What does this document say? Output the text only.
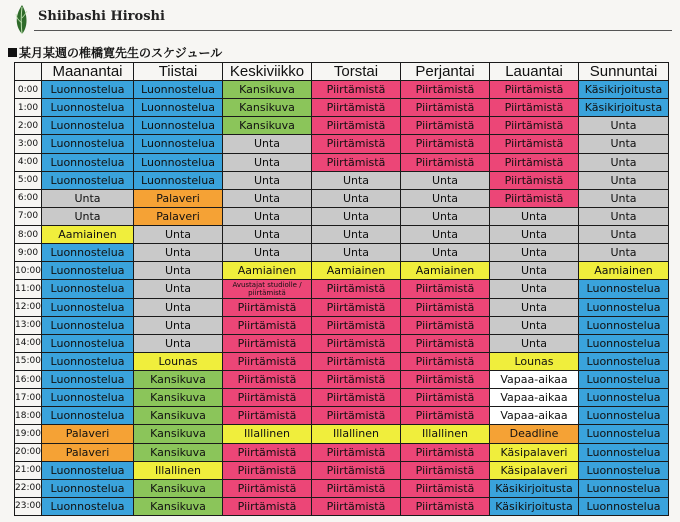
Shiibashi Hiroshi
某月某週の椎橋寛先生のスケジュール
	Maanantai	Tiistai	Keskiviikko	Torstai	Perjantai	Lauantai	Sunnuntai
0:00	Luonnostelua	Luonnostelua	Kansikuva	Piirtämistä	Piirtämistä	Piirtämistä	Käsikirjoitusta
1:00	Luonnostelua	Luonnostelua	Kansikuva	Piirtämistä	Piirtämistä	Piirtämistä	Käsikirjoitusta
2:00	Luonnostelua	Luonnostelua	Kansikuva	Piirtämistä	Piirtämistä	Piirtämistä	Unta
3:00	Luonnostelua	Luonnostelua	Unta	Piirtämistä	Piirtämistä	Piirtämistä	Unta
4:00	Luonnostelua	Luonnostelua	Unta	Piirtämistä	Piirtämistä	Piirtämistä	Unta
5:00	Luonnostelua	Luonnostelua	Unta	Unta	Unta	Piirtämistä	Unta
6:00	Unta	Palaveri	Unta	Unta	Unta	Piirtämistä	Unta
7:00	Unta	Palaveri	Unta	Unta	Unta	Unta	Unta
8:00	Aamiainen	Unta	Unta	Unta	Unta	Unta	Unta
9:00	Luonnostelua	Unta	Unta	Unta	Unta	Unta	Unta
10:00	Luonnostelua	Unta	Aamiainen	Aamiainen	Aamiainen	Unta	Aamiainen
11:00	Luonnostelua	Unta	Avustajat studiolle / piirtämistä	Piirtämistä	Piirtämistä	Unta	Luonnostelua
12:00	Luonnostelua	Unta	Piirtämistä	Piirtämistä	Piirtämistä	Unta	Luonnostelua
13:00	Luonnostelua	Unta	Piirtämistä	Piirtämistä	Piirtämistä	Unta	Luonnostelua
14:00	Luonnostelua	Unta	Piirtämistä	Piirtämistä	Piirtämistä	Unta	Luonnostelua
15:00	Luonnostelua	Lounas	Piirtämistä	Piirtämistä	Piirtämistä	Lounas	Luonnostelua
16:00	Luonnostelua	Kansikuva	Piirtämistä	Piirtämistä	Piirtämistä	Vapaa-aikaa	Luonnostelua
17:00	Luonnostelua	Kansikuva	Piirtämistä	Piirtämistä	Piirtämistä	Vapaa-aikaa	Luonnostelua
18:00	Luonnostelua	Kansikuva	Piirtämistä	Piirtämistä	Piirtämistä	Vapaa-aikaa	Luonnostelua
19:00	Palaveri	Kansikuva	Illallinen	Illallinen	Illallinen	Deadline	Luonnostelua
20:00	Palaveri	Kansikuva	Piirtämistä	Piirtämistä	Piirtämistä	Käsipalaveri	Luonnostelua
21:00	Luonnostelua	Illallinen	Piirtämistä	Piirtämistä	Piirtämistä	Käsipalaveri	Luonnostelua
22:00	Luonnostelua	Kansikuva	Piirtämistä	Piirtämistä	Piirtämistä	Käsikirjoitusta	Luonnostelua
23:00	Luonnostelua	Kansikuva	Piirtämistä	Piirtämistä	Piirtämistä	Käsikirjoitusta	Luonnostelua
